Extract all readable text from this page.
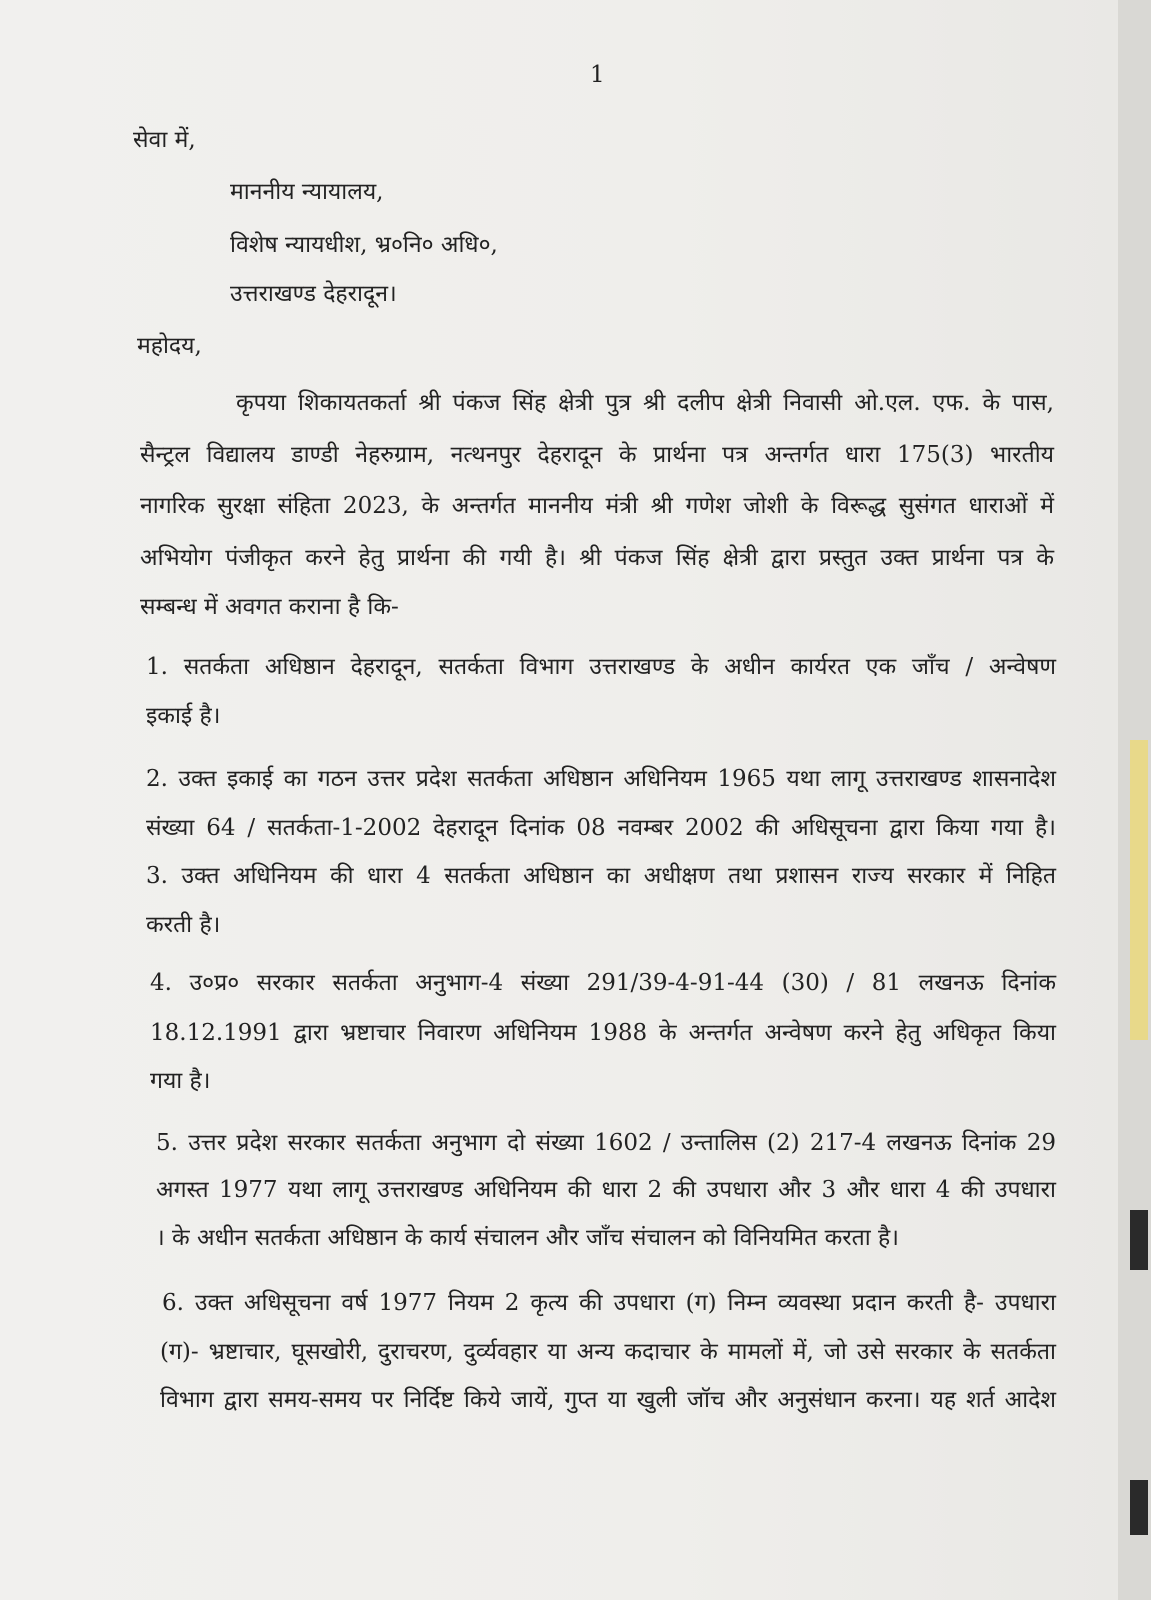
1
सेवा में,
माननीय न्यायालय,
विशेष न्यायधीश, भ्र०नि० अधि०,
उत्तराखण्ड देहरादून।
महोदय,
कृपया शिकायतकर्ता श्री पंकज सिंह क्षेत्री पुत्र श्री दलीप क्षेत्री निवासी ओ.एल. एफ. के पास,
सैन्ट्रल विद्यालय डाण्डी नेहरुग्राम, नत्थनपुर देहरादून के प्रार्थना पत्र अन्तर्गत धारा 175(3) भारतीय
नागरिक सुरक्षा संहिता 2023, के अन्तर्गत माननीय मंत्री श्री गणेश जोशी के विरूद्ध सुसंगत धाराओं में
अभियोग पंजीकृत करने हेतु प्रार्थना की गयी है। श्री पंकज सिंह क्षेत्री द्वारा प्रस्तुत उक्त प्रार्थना पत्र के
सम्बन्ध में अवगत कराना है कि-
1. सतर्कता अधिष्ठान देहरादून, सतर्कता विभाग उत्तराखण्ड के अधीन कार्यरत एक जाँच / अन्वेषण
इकाई है।
2. उक्त इकाई का गठन उत्तर प्रदेश सतर्कता अधिष्ठान अधिनियम 1965 यथा लागू उत्तराखण्ड शासनादेश
संख्या 64 / सतर्कता-1-2002 देहरादून दिनांक 08 नवम्बर 2002 की अधिसूचना द्वारा किया गया है।
3. उक्त अधिनियम की धारा 4 सतर्कता अधिष्ठान का अधीक्षण तथा प्रशासन राज्य सरकार में निहित
करती है।
4. उ०प्र० सरकार सतर्कता अनुभाग-4 संख्या 291/39-4-91-44 (30) / 81 लखनऊ दिनांक
18.12.1991 द्वारा भ्रष्टाचार निवारण अधिनियम 1988 के अन्तर्गत अन्वेषण करने हेतु अधिकृत किया
गया है।
5. उत्तर प्रदेश सरकार सतर्कता अनुभाग दो संख्या 1602 / उन्तालिस (2) 217-4 लखनऊ दिनांक 29
अगस्त 1977 यथा लागू उत्तराखण्ड अधिनियम की धारा 2 की उपधारा और 3 और धारा 4 की उपधारा
। के अधीन सतर्कता अधिष्ठान के कार्य संचालन और जाँच संचालन को विनियमित करता है।
6. उक्त अधिसूचना वर्ष 1977 नियम 2 कृत्य की उपधारा (ग) निम्न व्यवस्था प्रदान करती है- उपधारा
(ग)- भ्रष्टाचार, घूसखोरी, दुराचरण, दुर्व्यवहार या अन्य कदाचार के मामलों में, जो उसे सरकार के सतर्कता
विभाग द्वारा समय-समय पर निर्दिष्ट किये जायें, गुप्त या खुली जॉच और अनुसंधान करना। यह शर्त आदेश
